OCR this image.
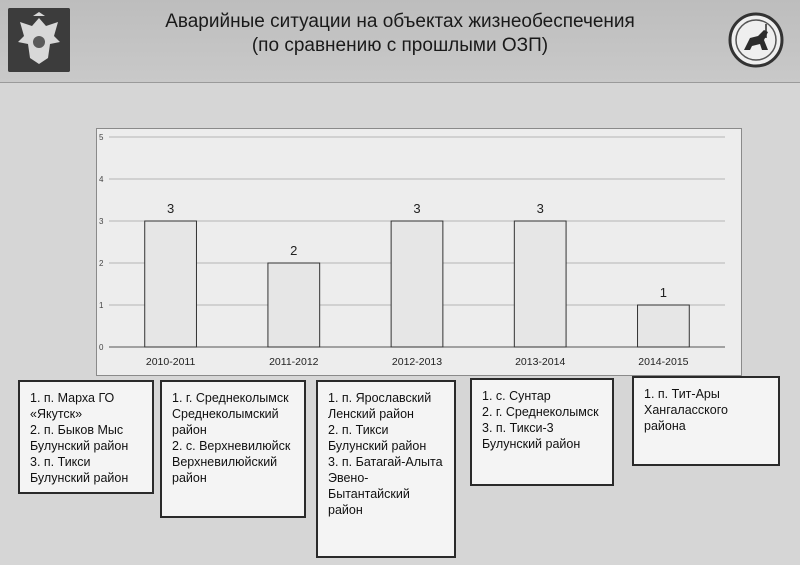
Аварийные ситуации на объектах жизнеобеспечения
(по сравнению с прошлыми ОЗП)
0
1
2
3
4
5
3
2010-2011
2
2011-2012
3
2012-2013
3
2013-2014
1
2014-2015
1. п. Марха ГО «Якутск»
2. п. Быков Мыс Булунский район
3. п. Тикси Булунский район
1. г. Среднеколымск Среднеколымский район
2. с. Верхневилюйск Верхневилюйский район
1. п. Ярославский Ленский район
2. п. Тикси Булунский район
3. п. Батагай-Алыта Эвено-Бытантайский район
1. с. Сунтар
2. г. Среднеколымск
3. п. Тикси-3 Булунский район
1. п. Тит-Ары Хангаласского района
